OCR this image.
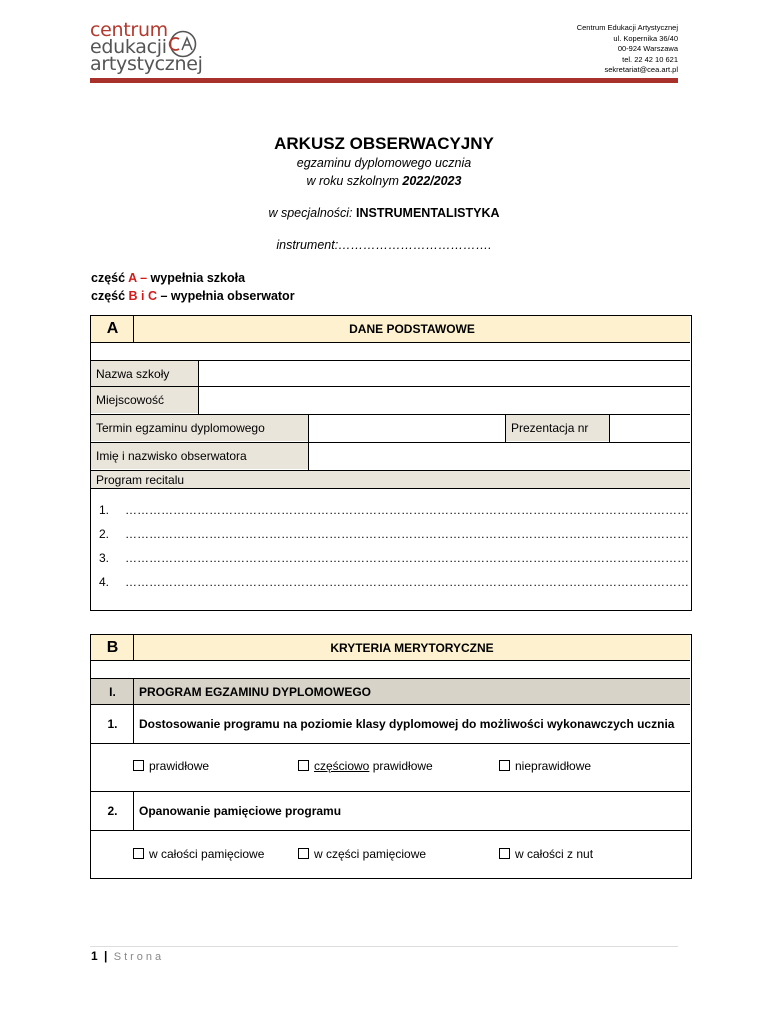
centrum
edukacji
artystycznej
Centrum Edukacji Artystycznej
ul. Kopernika 36/40
00-924 Warszawa
tel. 22 42 10 621
sekretariat@cea.art.pl
ARKUSZ OBSERWACYJNY
egzaminu dyplomowego ucznia
w roku szkolnym 2022/2023
w specjalności: INSTRUMENTALISTYKA
instrument:……………………………….
część A – wypełnia szkoła
część B i C – wypełnia obserwator
A	DANE PODSTAWOWE
Nazwa szkoły
Miejscowość
Termin egzaminu dyplomowego	Prezentacja nr
Imię i nazwisko obserwatora
Program recitalu
1. ……………………………………………………………………………………………………………………………
2. ……………………………………………………………………………………………………………………………
3. ……………………………………………………………………………………………………………………………
4. ……………………………………………………………………………………………………………………………
B	KRYTERIA MERYTORYCZNE
I.	PROGRAM EGZAMINU DYPLOMOWEGO
1.	Dostosowanie programu na poziomie klasy dyplomowej do możliwości wykonawczych ucznia
prawidłowe	częściowo prawidłowe	nieprawidłowe
2.	Opanowanie pamięciowe programu
w całości pamięciowe	w części pamięciowe	w całości z nut
1 | Strona
